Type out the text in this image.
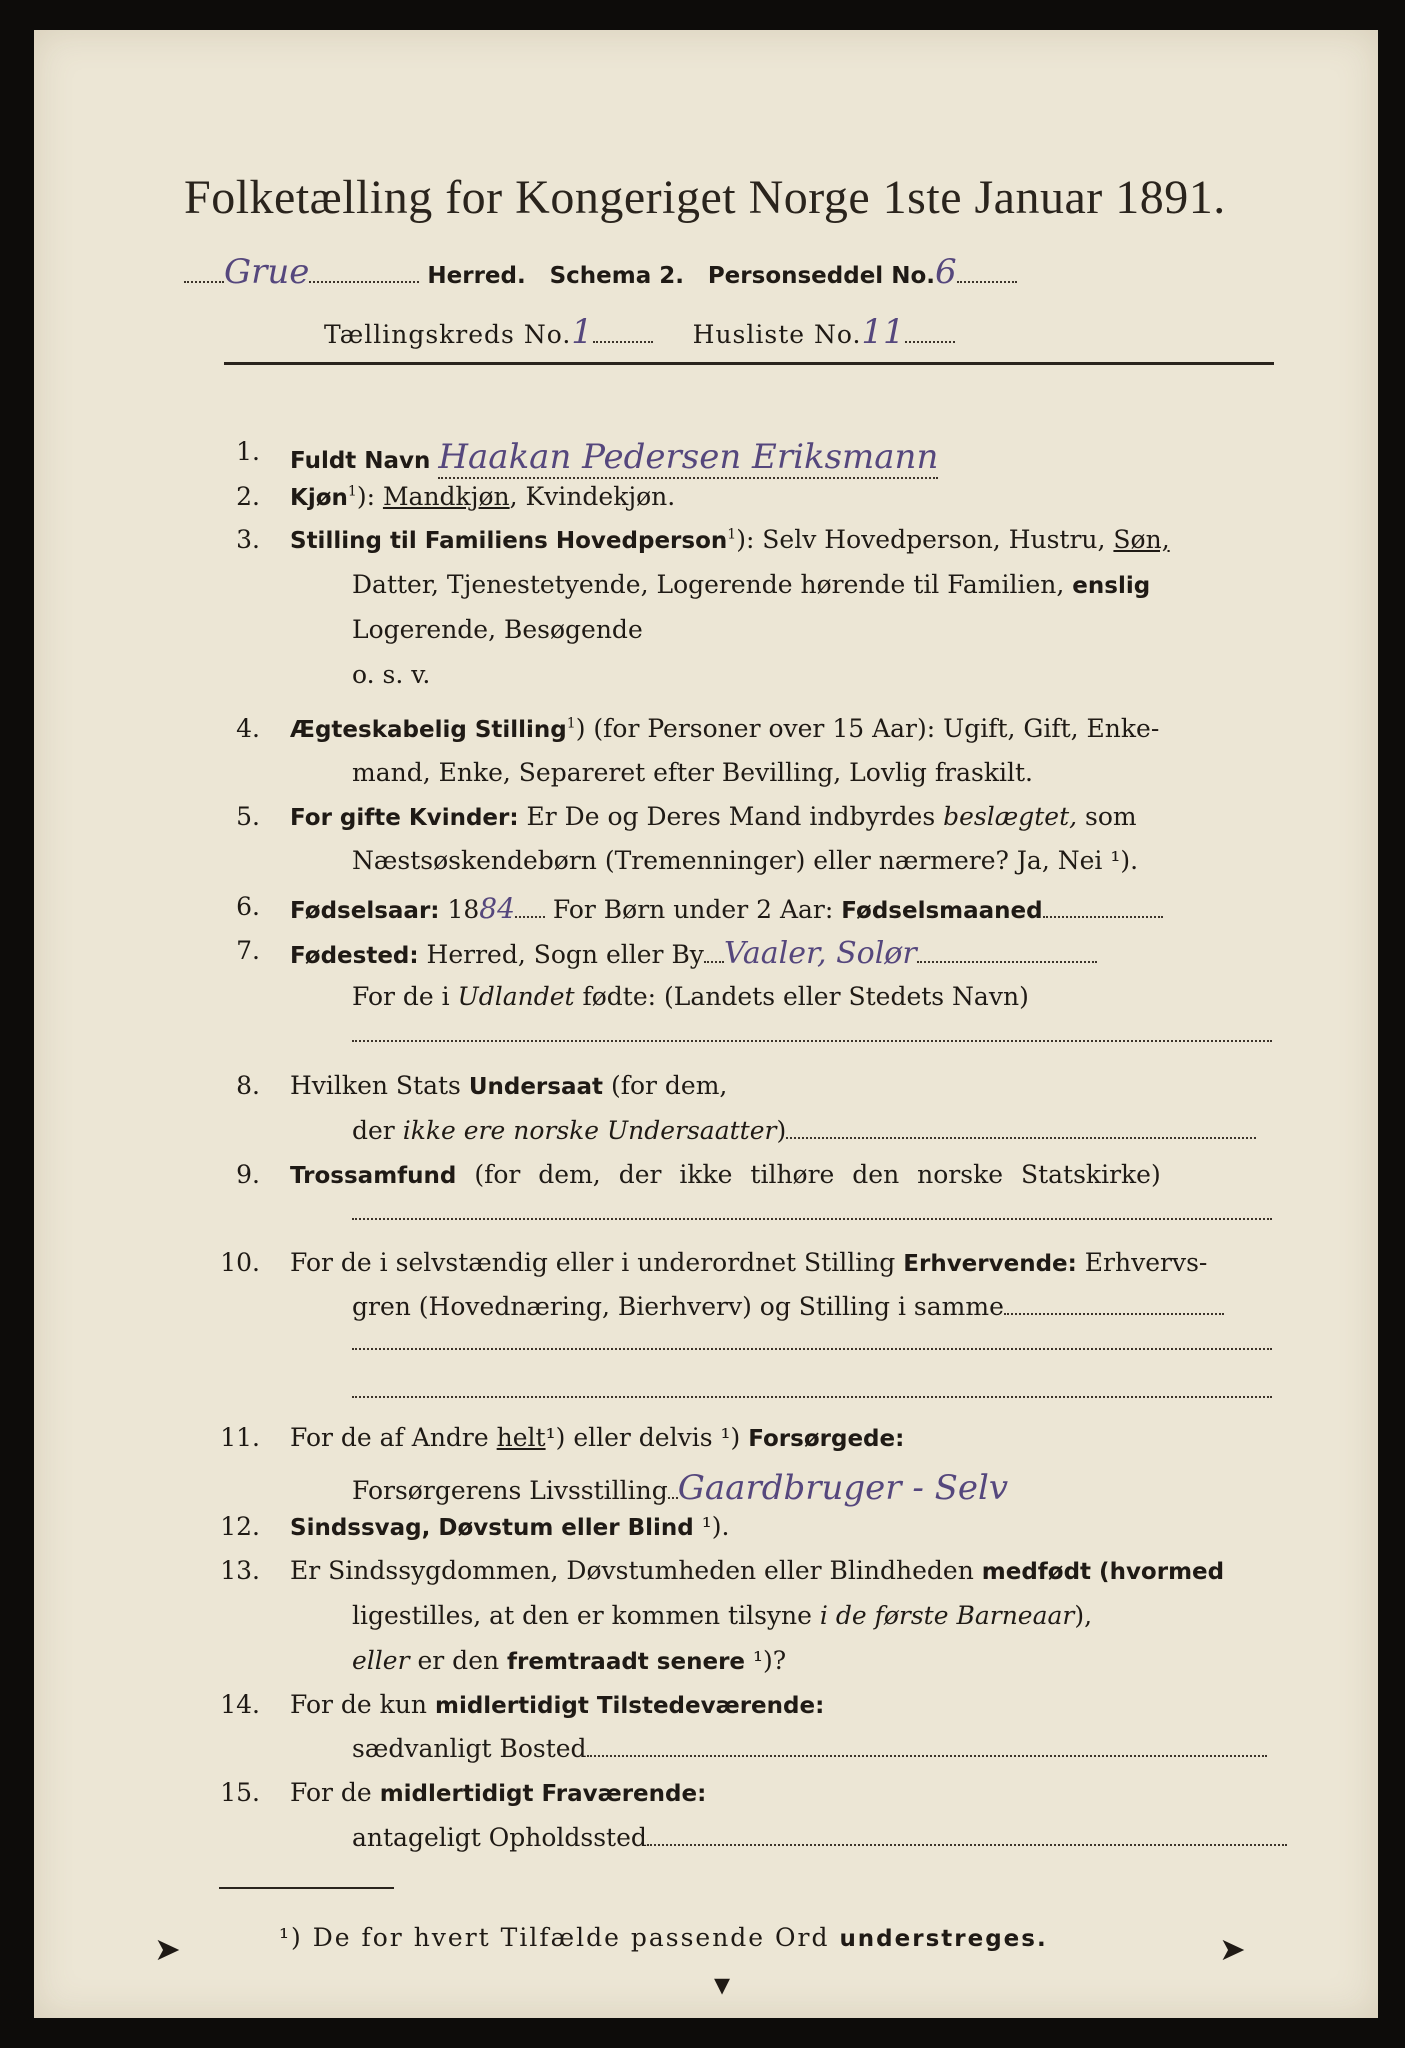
Folketælling for Kongeriget Norge 1ste Januar 1891.
Grue	Herred. Schema 2. Personseddel No.6
Tællingskreds No.1	Husliste No.11
1. Fuldt Navn Haakan Pedersen Eriksmann
2. Kjøn$^1$): Mandkjøn, Kvindekjøn.
3. Stilling til Familiens Hovedperson$^1$): Selv Hovedperson, Hustru, Søn,
Datter, Tjenestetyende, Logerende hørende til Familien, enslig
Logerende, Besøgende
o. s. v.
4. Ægteskabelig Stilling$^1$) (for Personer over 15 Aar): Ugift, Gift, Enke-
mand, Enke, Separeret efter Bevilling, Lovlig fraskilt.
5. For gifte Kvinder: Er De og Deres Mand indbyrdes beslægtet, som
Næstsøskendebørn (Tremenninger) eller nærmere? Ja, Nei ¹).
6. Fødselsaar: 1884 For Børn under 2 Aar: Fødselsmaaned
7. Fødested: Herred, Sogn eller By Vaaler, Solør
For de i Udlandet fødte: (Landets eller Stedets Navn)
8. Hvilken Stats Undersaat (for dem,
der ikke ere norske Undersaatter)
9. Trossamfund (for dem, der ikke tilhøre den norske Statskirke)
10. For de i selvstændig eller i underordnet Stilling Erhvervende: Erhvervs-
gren (Hovednæring, Bierhverv) og Stilling i samme
11. For de af Andre helt¹) eller delvis ¹) Forsørgede:
Forsørgerens Livsstilling Gaardbruger - Selv
12. Sindssvag, Døvstum eller Blind ¹).
13. Er Sindssygdommen, Døvstumheden eller Blindheden medfødt (hvormed
ligestilles, at den er kommen tilsyne i de første Barneaar),
eller er den fremtraadt senere ¹)?
14. For de kun midlertidigt Tilstedeværende:
sædvanligt Bosted
15. For de midlertidigt Fraværende:
antageligt Opholdssted
¹) De for hvert Tilfælde passende Ord understreges.
➤
▾
➤
